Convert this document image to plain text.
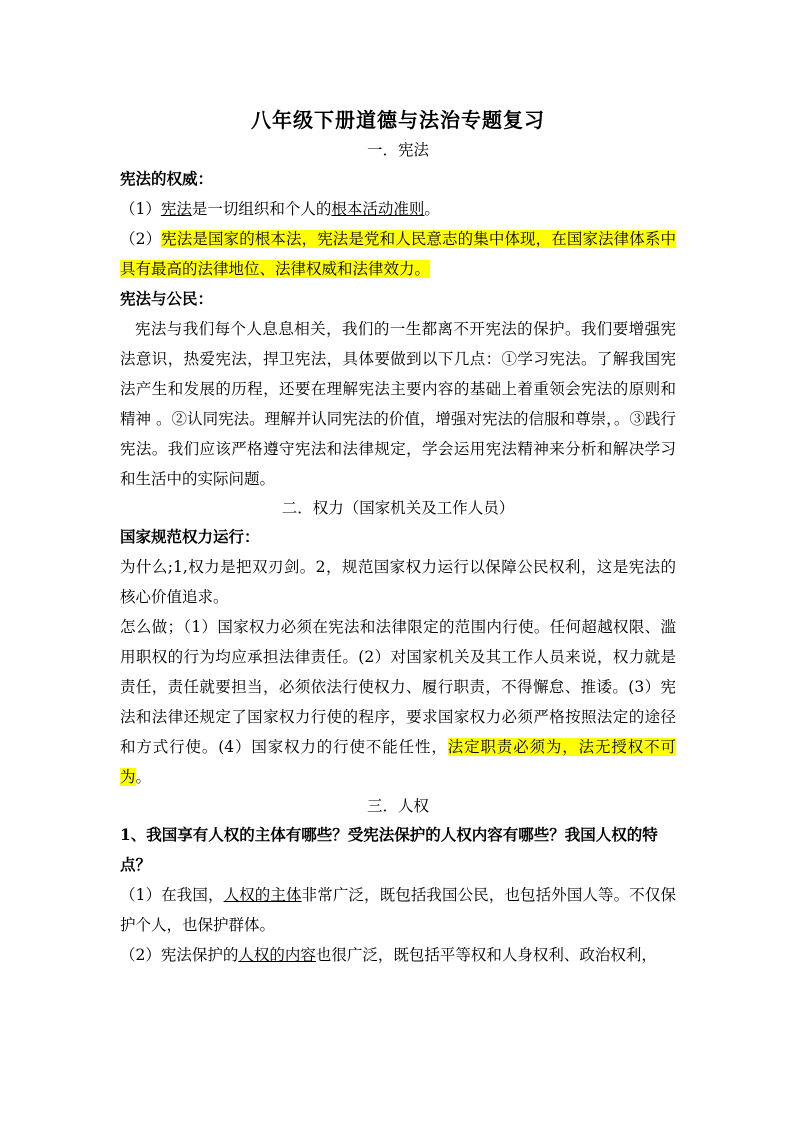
八年级下册道德与法治专题复习

一．宪法

宪法的权威：

（1）宪法是一切组织和个人的根本活动准则。

（2）宪法是国家的根本法，宪法是党和人民意志的集中体现，在国家法律体系中具有最高的法律地位、法律权威和法律效力。

宪法与公民：

宪法与我们每个人息息相关，我们的一生都离不开宪法的保护。我们要增强宪法意识，热爱宪法，捍卫宪法，具体要做到以下几点：①学习宪法。了解我国宪法产生和发展的历程，还要在理解宪法主要内容的基础上着重领会宪法的原则和精神 。②认同宪法。理解并认同宪法的价值，增强对宪法的信服和尊崇，。③践行宪法。我们应该严格遵守宪法和法律规定，学会运用宪法精神来分析和解决学习和生活中的实际问题。

二．权力（国家机关及工作人员）

国家规范权力运行：

为什么;1,权力是把双刃剑。2，规范国家权力运行以保障公民权利，这是宪法的核心价值追求。

怎么做；（1）国家权力必须在宪法和法律限定的范围内行使。任何超越权限、滥用职权的行为均应承担法律责任。(2）对国家机关及其工作人员来说，权力就是责任，责任就要担当，必须依法行使权力、履行职责，不得懈怠、推诿。(3）宪法和法律还规定了国家权力行使的程序，要求国家权力必须严格按照法定的途径和方式行使。(4）国家权力的行使不能任性，法定职责必须为，法无授权不可为。

三．人权

1、我国享有人权的主体有哪些？受宪法保护的人权内容有哪些？我国人权的特点？

（1）在我国，人权的主体非常广泛，既包括我国公民，也包括外国人等。不仅保护个人，也保护群体。

（2）宪法保护的人权的内容也很广泛，既包括平等权和人身权利、政治权利，
